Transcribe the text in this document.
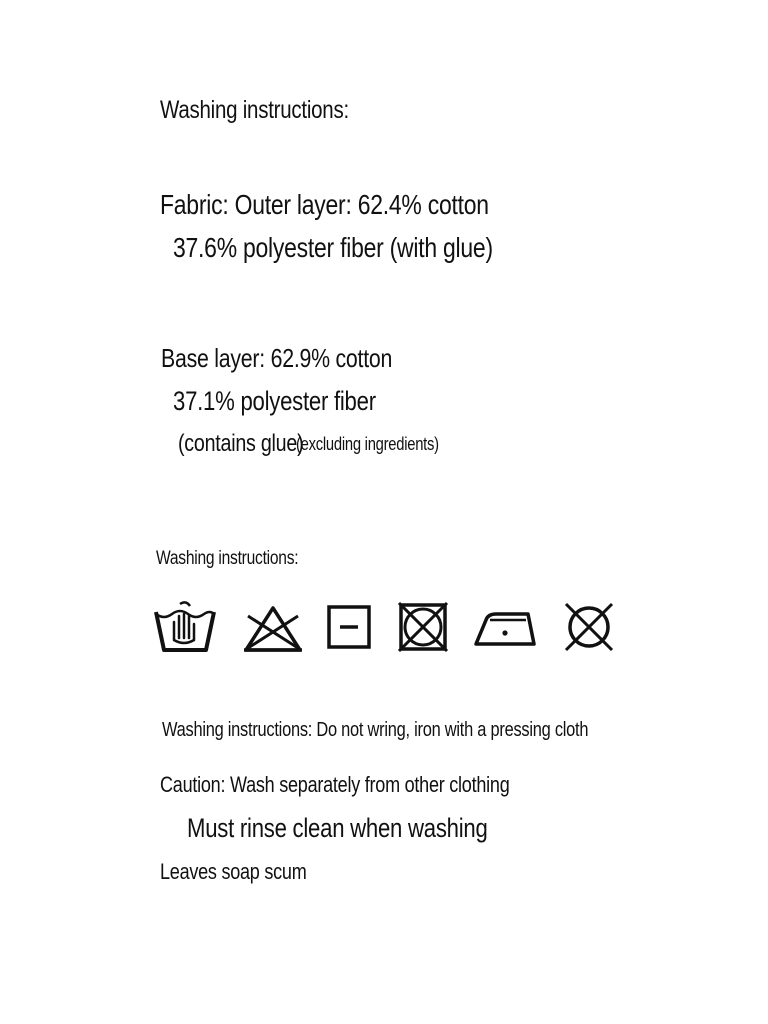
Washing instructions:
Fabric: Outer layer: 62.4% cotton
37.6% polyester fiber (with glue)
Base layer: 62.9% cotton
37.1% polyester fiber
(contains glue)
(excluding ingredients)
Washing instructions:
Washing instructions: Do not wring, iron with a pressing cloth
Caution: Wash separately from other clothing
Must rinse clean when washing
Leaves soap scum
